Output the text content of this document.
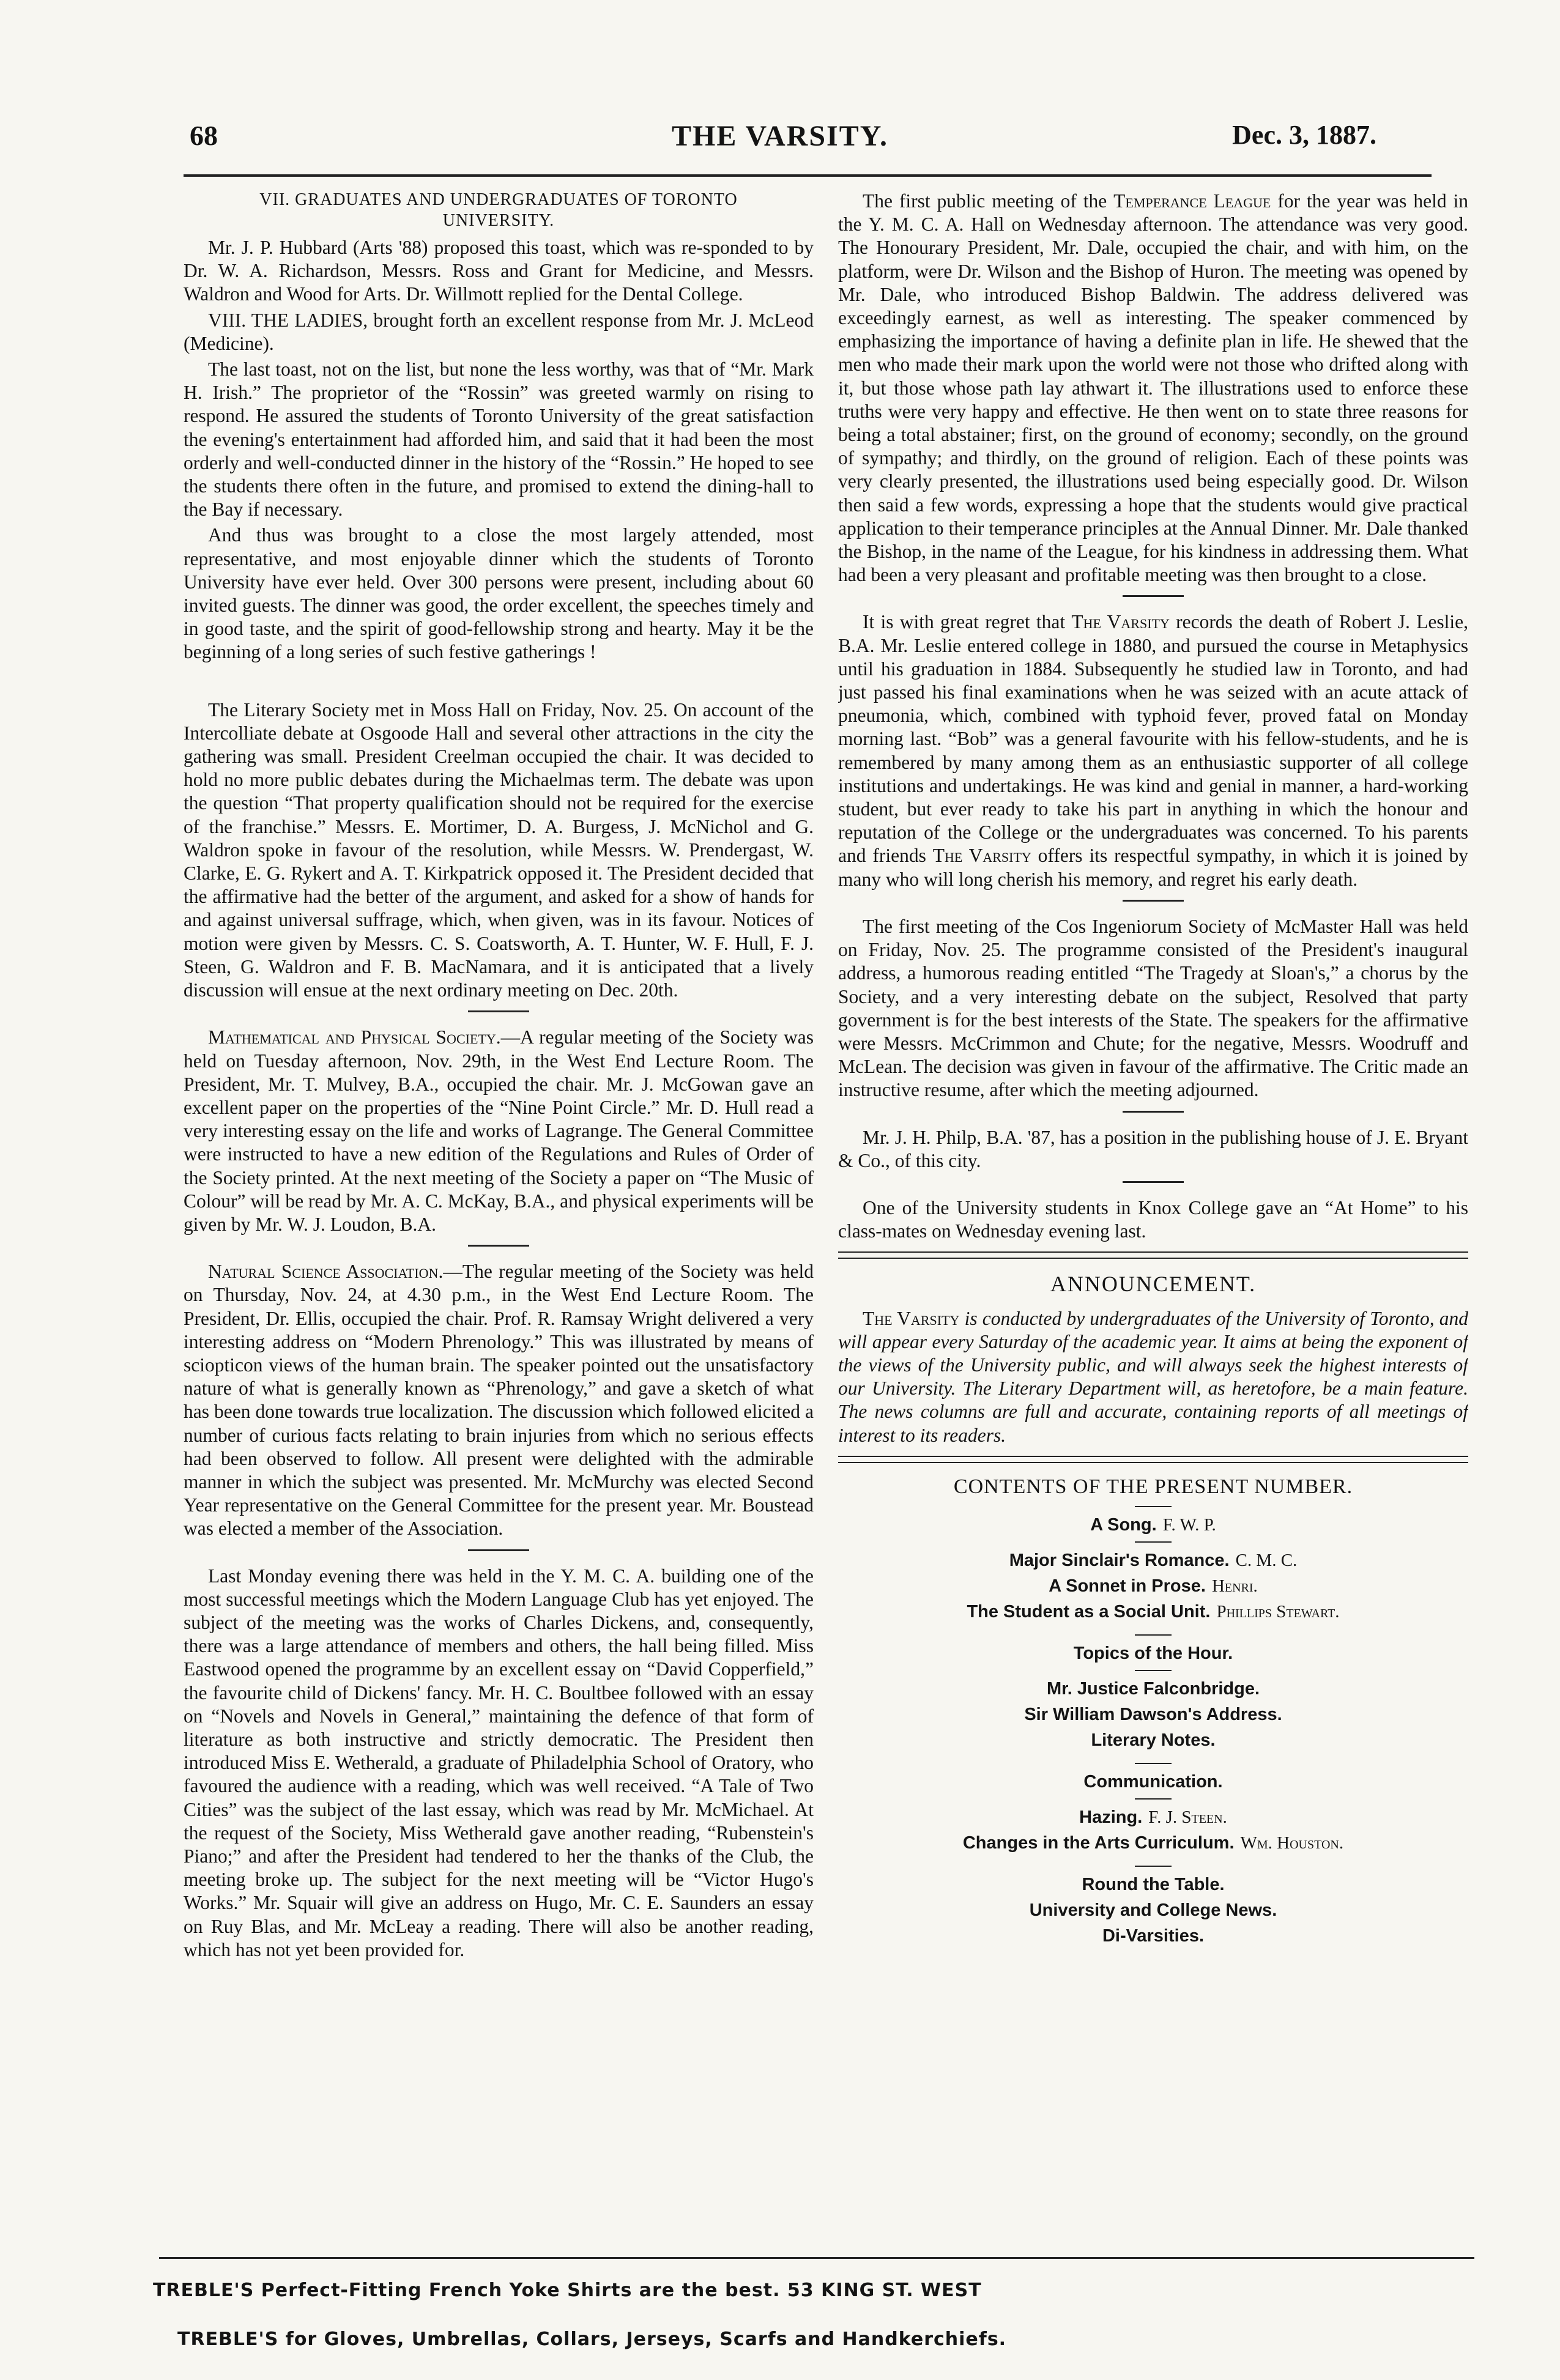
68	THE VARSITY.	Dec. 3, 1887.
VII. GRADUATES AND UNDERGRADUATES OF TORONTO UNIVERSITY.

Mr. J. P. Hubbard (Arts '88) proposed this toast, which was re-sponded to by Dr. W. A. Richardson, Messrs. Ross and Grant for Medicine, and Messrs. Waldron and Wood for Arts. Dr. Willmott replied for the Dental College.

VIII. THE LADIES, brought forth an excellent response from Mr. J. McLeod (Medicine).

The last toast, not on the list, but none the less worthy, was that of “Mr. Mark H. Irish.” The proprietor of the “Rossin” was greeted warmly on rising to respond. He assured the students of Toronto University of the great satisfaction the evening's entertainment had afforded him, and said that it had been the most orderly and well-conducted dinner in the history of the “Rossin.” He hoped to see the students there often in the future, and promised to extend the dining-hall to the Bay if necessary.

And thus was brought to a close the most largely attended, most representative, and most enjoyable dinner which the students of Toronto University have ever held. Over 300 persons were present, including about 60 invited guests. The dinner was good, the order excellent, the speeches timely and in good taste, and the spirit of good-fellowship strong and hearty. May it be the beginning of a long series of such festive gatherings !

The Literary Society met in Moss Hall on Friday, Nov. 25. On account of the Intercolliate debate at Osgoode Hall and several other attractions in the city the gathering was small. President Creelman occupied the chair. It was decided to hold no more public debates during the Michaelmas term. The debate was upon the question “That property qualification should not be required for the exercise of the franchise.” Messrs. E. Mortimer, D. A. Burgess, J. McNichol and G. Waldron spoke in favour of the resolution, while Messrs. W. Prendergast, W. Clarke, E. G. Rykert and A. T. Kirkpatrick opposed it. The President decided that the affirmative had the better of the argument, and asked for a show of hands for and against universal suffrage, which, when given, was in its favour. Notices of motion were given by Messrs. C. S. Coatsworth, A. T. Hunter, W. F. Hull, F. J. Steen, G. Waldron and F. B. MacNamara, and it is anticipated that a lively discussion will ensue at the next ordinary meeting on Dec. 20th.

Mathematical and Physical Society.—A regular meeting of the Society was held on Tuesday afternoon, Nov. 29th, in the West End Lecture Room. The President, Mr. T. Mulvey, B.A., occupied the chair. Mr. J. McGowan gave an excellent paper on the properties of the “Nine Point Circle.” Mr. D. Hull read a very interesting essay on the life and works of Lagrange. The General Committee were instructed to have a new edition of the Regulations and Rules of Order of the Society printed. At the next meeting of the Society a paper on “The Music of Colour” will be read by Mr. A. C. McKay, B.A., and physical experiments will be given by Mr. W. J. Loudon, B.A.

Natural Science Association.—The regular meeting of the Society was held on Thursday, Nov. 24, at 4.30 p.m., in the West End Lecture Room. The President, Dr. Ellis, occupied the chair. Prof. R. Ramsay Wright delivered a very interesting address on “Modern Phrenology.” This was illustrated by means of sciopticon views of the human brain. The speaker pointed out the unsatisfactory nature of what is generally known as “Phrenology,” and gave a sketch of what has been done towards true localization. The discussion which followed elicited a number of curious facts relating to brain injuries from which no serious effects had been observed to follow. All present were delighted with the admirable manner in which the subject was presented. Mr. McMurchy was elected Second Year representative on the General Committee for the present year. Mr. Boustead was elected a member of the Association.

Last Monday evening there was held in the Y. M. C. A. building one of the most successful meetings which the Modern Language Club has yet enjoyed. The subject of the meeting was the works of Charles Dickens, and, consequently, there was a large attendance of members and others, the hall being filled. Miss Eastwood opened the programme by an excellent essay on “David Copperfield,” the favourite child of Dickens' fancy. Mr. H. C. Boultbee followed with an essay on “Novels and Novels in General,” maintaining the defence of that form of literature as both instructive and strictly democratic. The President then introduced Miss E. Wetherald, a graduate of Philadelphia School of Oratory, who favoured the audience with a reading, which was well received. “A Tale of Two Cities” was the subject of the last essay, which was read by Mr. McMichael. At the request of the Society, Miss Wetherald gave another reading, “Rubenstein's Piano;” and after the President had tendered to her the thanks of the Club, the meeting broke up. The subject for the next meeting will be “Victor Hugo's Works.” Mr. Squair will give an address on Hugo, Mr. C. E. Saunders an essay on Ruy Blas, and Mr. McLeay a reading. There will also be another reading, which has not yet been provided for.

The first public meeting of the Temperance League for the year was held in the Y. M. C. A. Hall on Wednesday afternoon. The attendance was very good. The Honourary President, Mr. Dale, occupied the chair, and with him, on the platform, were Dr. Wilson and the Bishop of Huron. The meeting was opened by Mr. Dale, who introduced Bishop Baldwin. The address delivered was exceedingly earnest, as well as interesting. The speaker commenced by emphasizing the importance of having a definite plan in life. He shewed that the men who made their mark upon the world were not those who drifted along with it, but those whose path lay athwart it. The illustrations used to enforce these truths were very happy and effective. He then went on to state three reasons for being a total abstainer; first, on the ground of economy; secondly, on the ground of sympathy; and thirdly, on the ground of religion. Each of these points was very clearly presented, the illustrations used being especially good. Dr. Wilson then said a few words, expressing a hope that the students would give practical application to their temperance principles at the Annual Dinner. Mr. Dale thanked the Bishop, in the name of the League, for his kindness in addressing them. What had been a very pleasant and profitable meeting was then brought to a close.

It is with great regret that The Varsity records the death of Robert J. Leslie, B.A. Mr. Leslie entered college in 1880, and pursued the course in Metaphysics until his graduation in 1884. Subsequently he studied law in Toronto, and had just passed his final examinations when he was seized with an acute attack of pneumonia, which, combined with typhoid fever, proved fatal on Monday morning last. “Bob” was a general favourite with his fellow-students, and he is remembered by many among them as an enthusiastic supporter of all college institutions and undertakings. He was kind and genial in manner, a hard-working student, but ever ready to take his part in anything in which the honour and reputation of the College or the undergraduates was concerned. To his parents and friends The Varsity offers its respectful sympathy, in which it is joined by many who will long cherish his memory, and regret his early death.

The first meeting of the Cos Ingeniorum Society of McMaster Hall was held on Friday, Nov. 25. The programme consisted of the President's inaugural address, a humorous reading entitled “The Tragedy at Sloan's,” a chorus by the Society, and a very interesting debate on the subject, Resolved that party government is for the best interests of the State. The speakers for the affirmative were Messrs. McCrimmon and Chute; for the negative, Messrs. Woodruff and McLean. The decision was given in favour of the affirmative. The Critic made an instructive resume, after which the meeting adjourned.

Mr. J. H. Philp, B.A. '87, has a position in the publishing house of J. E. Bryant & Co., of this city.

One of the University students in Knox College gave an “At Home” to his class-mates on Wednesday evening last.

ANNOUNCEMENT.

The Varsity is conducted by undergraduates of the University of Toronto, and will appear every Saturday of the academic year. It aims at being the exponent of the views of the University public, and will always seek the highest interests of our University. The Literary Department will, as heretofore, be a main feature. The news columns are full and accurate, containing reports of all meetings of interest to its readers.

CONTENTS OF THE PRESENT NUMBER.
A Song. F. W. P.
Major Sinclair's Romance. C. M. C.
A Sonnet in Prose. Henri.
The Student as a Social Unit. Phillips Stewart.
Topics of the Hour.
Mr. Justice Falconbridge.
Sir William Dawson's Address.
Literary Notes.
Communication.
Hazing. F. J. Steen.
Changes in the Arts Curriculum. Wm. Houston.
Round the Table.
University and College News.
Di-Varsities.
TREBLE'S Perfect-Fitting French Yoke Shirts are the best. 53 KING ST. WEST
TREBLE'S for Gloves, Umbrellas, Collars, Jerseys, Scarfs and Handkerchiefs.
